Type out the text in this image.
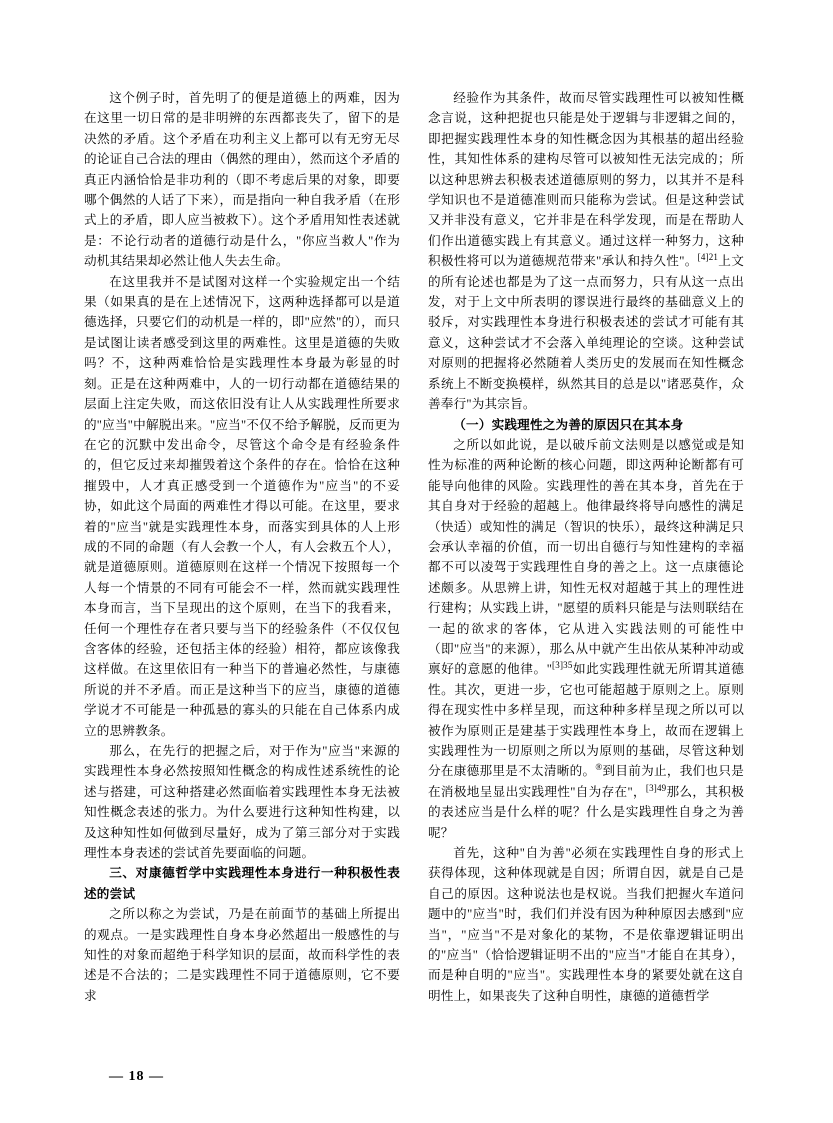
这个例子时，首先明了的便是道德上的两难，因为在这里一切日常的是非明辨的东西都丧失了，留下的是决然的矛盾。这个矛盾在功利主义上都可以有无穷无尽的论证自己合法的理由（偶然的理由），然而这个矛盾的真正内涵恰恰是非功利的（即不考虑后果的对象，即要哪个偶然的人话了下来），而是指向一种自我矛盾（在形式上的矛盾，即人应当被救下）。这个矛盾用知性表述就是：不论行动者的道德行动是什么，"你应当救人"作为动机其结果却必然让他人失去生命。

在这里我并不是试图对这样一个实验规定出一个结果（如果真的是在上述情况下，这两种选择都可以是道德选择，只要它们的动机是一样的，即"应然"的），而只是试图让读者感受到这里的两难性。这里是道德的失败吗？不，这种两难恰恰是实践理性本身最为彰显的时刻。正是在这种两难中，人的一切行动都在道德结果的层面上注定失败，而这依旧没有让人从实践理性所要求的"应当"中解脱出来。"应当"不仅不给予解脱，反而更为在它的沉默中发出命令，尽管这个命令是有经验条件的，但它反过来却摧毁着这个条件的存在。恰恰在这种摧毁中，人才真正感受到一个道德作为"应当"的不妥协，如此这个局面的两难性才得以可能。在这里，要求着的"应当"就是实践理性本身，而落实到具体的人上形成的不同的命题（有人会教一个人，有人会救五个人），就是道德原则。道德原则在这样一个情况下按照每一个人每一个情景的不同有可能会不一样，然而就实践理性本身而言，当下呈现出的这个原则，在当下的我看来，任何一个理性存在者只要与当下的经验条件（不仅仅包含客体的经验，还包括主体的经验）相符，都应该像我这样做。在这里依旧有一种当下的普遍必然性，与康德所说的并不矛盾。而正是这种当下的应当，康德的道德学说才不可能是一种孤悬的寡头的只能在自己体系内成立的思辨教条。

那么，在先行的把握之后，对于作为"应当"来源的实践理性本身必然按照知性概念的构成性述系统性的论述与搭建，可这种搭建必然面临着实践理性本身无法被知性概念表述的张力。为什么要进行这种知性构建，以及这种知性如何做到尽量好，成为了第三部分对于实践理性本身表述的尝试首先要面临的问题。

三、对康德哲学中实践理性本身进行一种积极性表述的尝试

之所以称之为尝试，乃是在前面节的基础上所提出的观点。一是实践理性自身本身必然超出一般感性的与知性的对象而超绝于科学知识的层面，故而科学性的表述是不合法的；二是实践理性不同于道德原则，它不要求

经验作为其条件，故而尽管实践理性可以被知性概念言说，这种把捉也只能是处于逻辑与非逻辑之间的，即把握实践理性本身的知性概念因为其根基的超出经验性，其知性体系的建构尽管可以被知性无法完成的；所以这种思辨去积极表述道德原则的努力，以其并不是科学知识也不是道德准则而只能称为尝试。但是这种尝试又并非没有意义，它并非是在科学发现，而是在帮助人们作出道德实践上有其意义。通过这样一种努力，这种积极性将可以为道德规范带来"承认和持久性"。$^{[4]21}$上文的所有论述也都是为了这一点而努力，只有从这一点出发，对于上文中所表明的谬误进行最终的基础意义上的驳斥，对实践理性本身进行积极表述的尝试才可能有其意义，这种尝试才不会落入单纯理论的空谈。这种尝试对原则的把握将必然随着人类历史的发展而在知性概念系统上不断变换模样，纵然其目的总是以"诸恶莫作，众善奉行"为其宗旨。

（一）实践理性之为善的原因只在其本身

之所以如此说，是以破斥前文法则是以感觉或是知性为标准的两种论断的核心问题，即这两种论断都有可能导向他律的风险。实践理性的善在其本身，首先在于其自身对于经验的超越上。他律最终将导向感性的满足（快适）或知性的满足（智识的快乐），最终这种满足只会承认幸福的价值，而一切出自德行与知性建构的幸福都不可以凌驾于实践理性自身的善之上。这一点康德论述颇多。从思辨上讲，知性无权对超越于其上的理性进行建构；从实践上讲，"愿望的质料只能是与法则联结在一起的欲求的客体，它从进入实践法则的可能性中（即"应当"的来源），那么从中就产生出依从某种冲动或禀好的意愿的他律。"$^{[3]35}$如此实践理性就无所谓其道德性。其次，更进一步，它也可能超越于原则之上。原则得在现实性中多样呈现，而这种种多样呈现之所以可以被作为原则正是建基于实践理性本身上，故而在逻辑上实践理性为一切原则之所以为原则的基础，尽管这种划分在康德那里是不太清晰的。®到目前为止，我们也只是在消极地呈显出实践理性"自为存在"，$^{[3]49}$那么，其积极的表述应当是什么样的呢？什么是实践理性自身之为善呢？

首先，这种"自为善"必须在实践理性自身的形式上获得体现，这种体现就是自因；所谓自因，就是自己是自己的原因。这种说法也是权说。当我们把握火车道问题中的"应当"时，我们们并没有因为种种原因去感到"应当"，"应当"不是对象化的某物，不是依靠逻辑证明出的"应当"（恰恰逻辑证明不出的"应当"才能自在其身），而是种自明的"应当"。实践理性本身的紧要处就在这自明性上，如果丧失了这种自明性，康德的道德哲学

— 18 —
